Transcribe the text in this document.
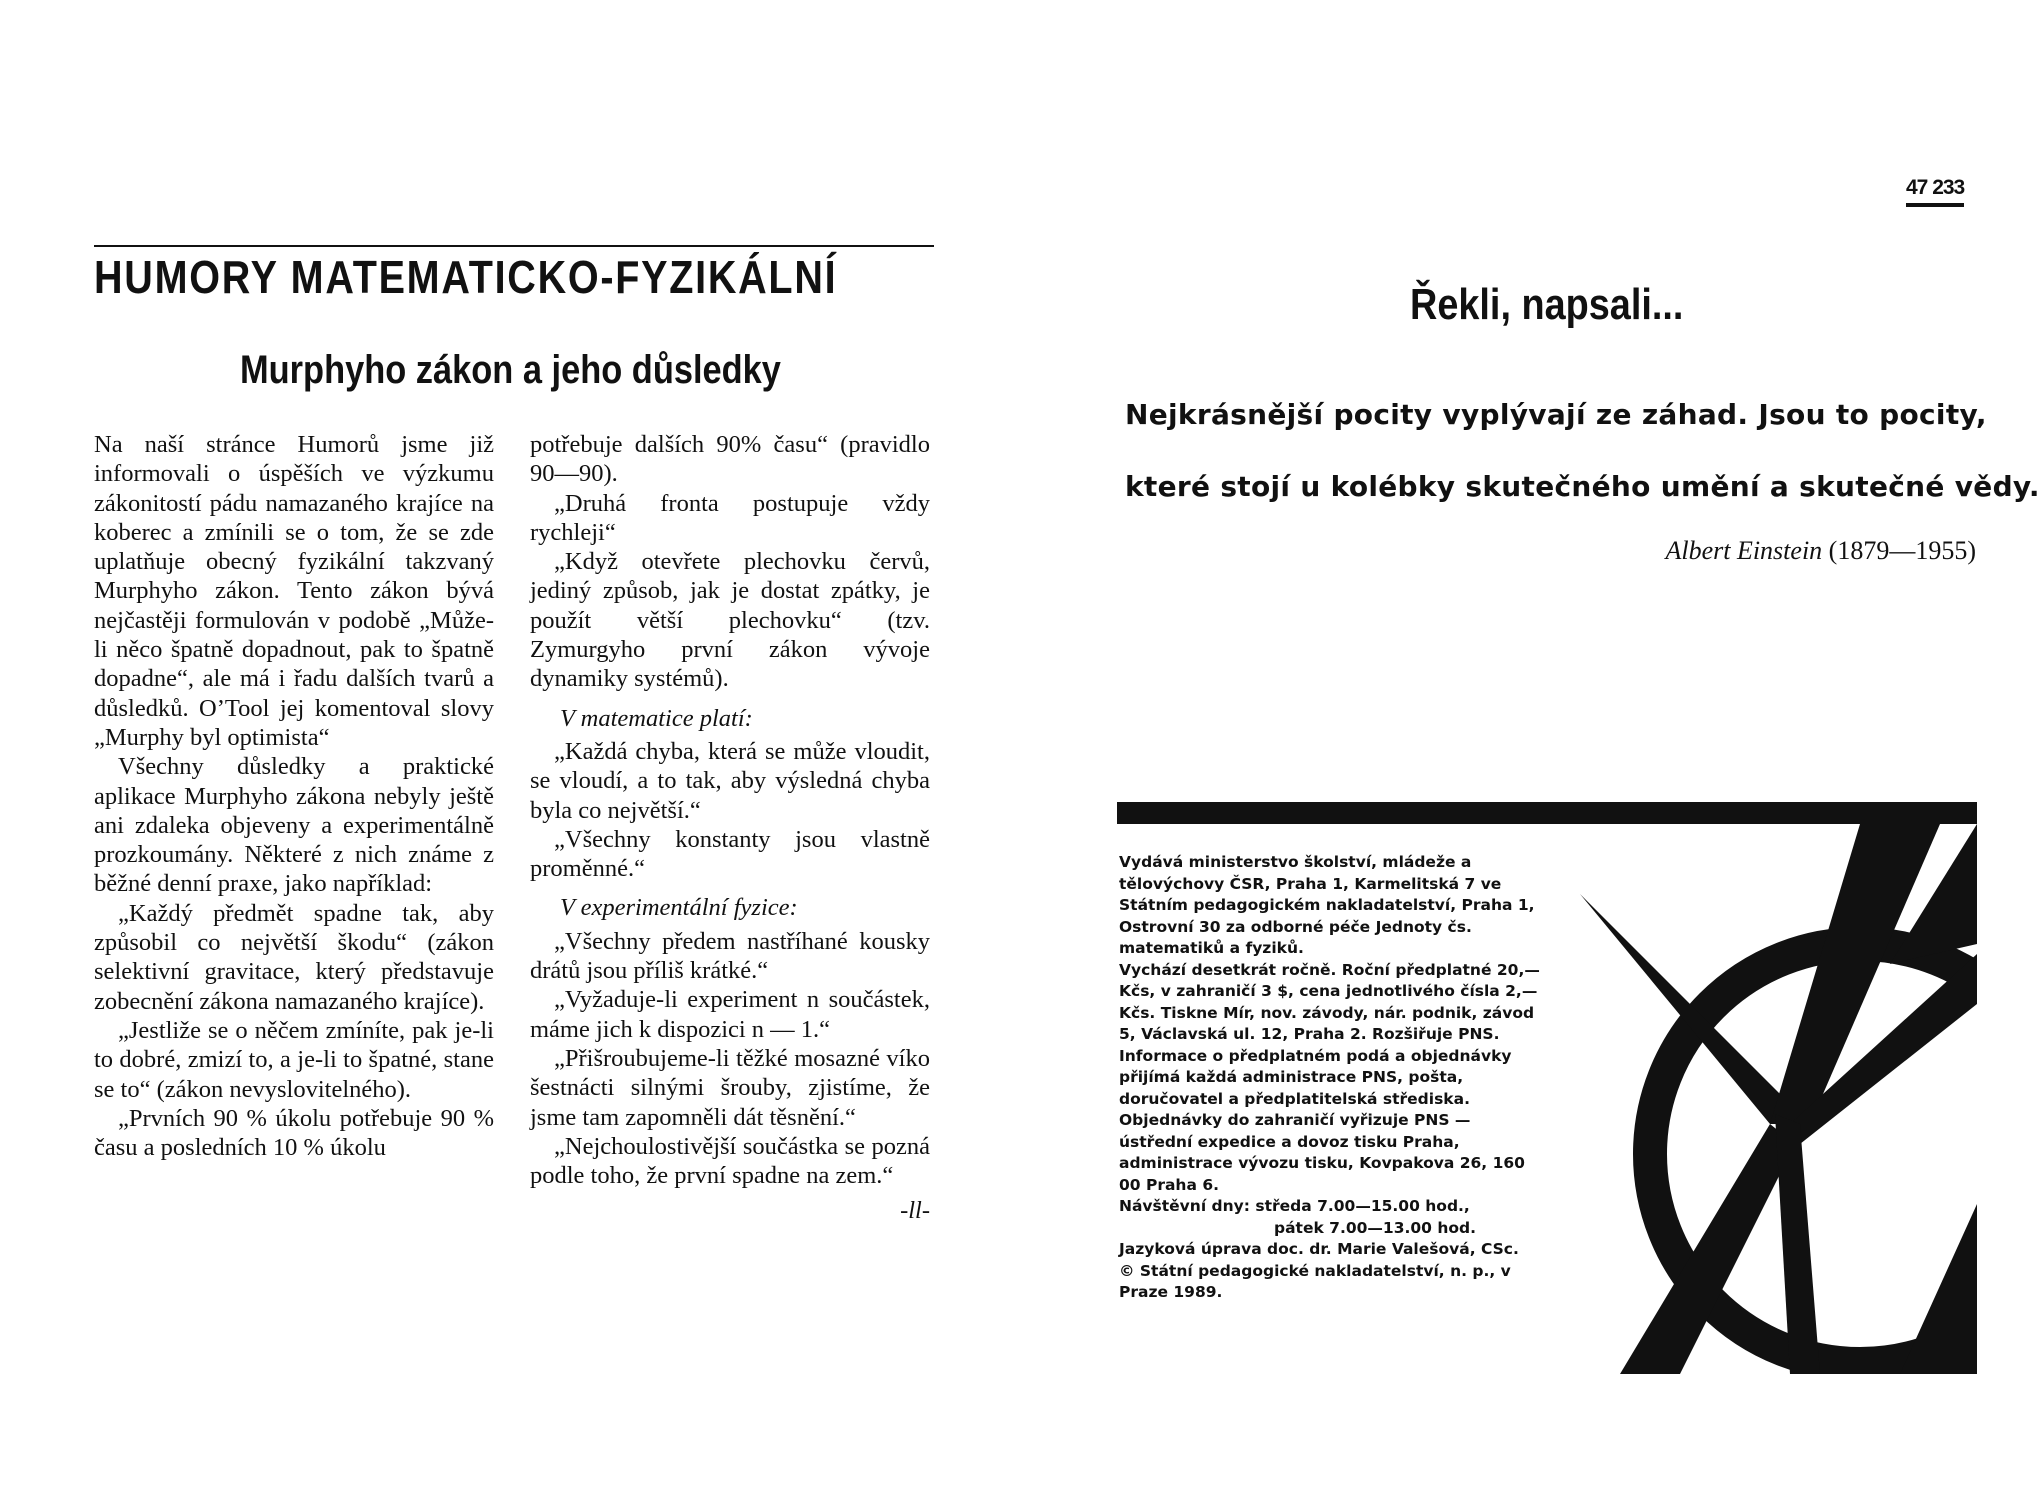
47 233
HUMORY MATEMATICKO-FYZIKÁLNÍ
Murphyho zákon a jeho důsledky

Na naší stránce Humorů jsme již informovali o úspěších ve výzkumu zákonitostí pádu namazaného krajíce na koberec a zmínili se o tom, že se zde uplatňuje obecný fyzikální takzvaný Murphyho zákon. Tento zákon bývá nejčastěji formulován v podobě „Může-li něco špatně dopadnout, pak to špatně dopadne“, ale má i řadu dalších tvarů a důsledků. O’Tool jej komentoval slovy „Murphy byl optimista“

Všechny důsledky a praktické aplikace Murphyho zákona nebyly ještě ani zdaleka objeveny a experimentálně prozkoumány. Některé z nich známe z běžné denní praxe, jako například:

„Každý předmět spadne tak, aby způsobil co největší škodu“ (zákon selektivní gravitace, který představuje zobecnění zákona namazaného krajíce).

„Jestliže se o něčem zmíníte, pak je-li to dobré, zmizí to, a je-li to špatné, stane se to“ (zákon nevyslovitelného).

„Prvních 90 % úkolu potřebuje 90 % času a posledních 10 % úkolu

potřebuje dalších 90% času“ (pravidlo 90—90).

„Druhá fronta postupuje vždy rychleji“

„Když otevřete plechovku červů, jediný způsob, jak je dostat zpátky, je použít větší plechovku“ (tzv. Zymurgyho první zákon vývoje dynamiky systémů).

V matematice platí:

„Každá chyba, která se může vloudit, se vloudí, a to tak, aby výsledná chyba byla co největší.“

„Všechny konstanty jsou vlastně proměnné.“

V experimentální fyzice:

„Všechny předem nastříhané kousky drátů jsou příliš krátké.“

„Vyžaduje-li experiment n součástek, máme jich k dispozici n — 1.“

„Přišroubujeme-li těžké mosazné víko šestnácti silnými šrouby, zjistíme, že jsme tam zapomněli dát těsnění.“

„Nejchoulostivější součástka se pozná podle toho, že první spadne na zem.“

-ll-

Řekli, napsali...
Nejkrásnější pocity vyplývají ze záhad. Jsou to pocity,
které stojí u kolébky skutečného umění a skutečné vědy.
Albert Einstein (1879—1955)

Vydává ministerstvo školství, mládeže a tělovýchovy ČSR, Praha 1, Karmelitská 7 ve Státním pedagogickém nakladatelství, Praha 1, Ostrovní 30 za odborné péče Jednoty čs. matematiků a fyziků.

Vychází desetkrát ročně. Roční předplatné 20,— Kčs, v zahraničí 3 $, cena jednotlivého čísla 2,— Kčs. Tiskne Mír, nov. závody, nár. podnik, závod 5, Václavská ul. 12, Praha 2. Rozšiřuje PNS. Informace o předplatném podá a objednávky přijímá každá administrace PNS, pošta, doručovatel a předplatitelská střediska. Objednávky do zahraničí vyřizuje PNS — ústřední expedice a dovoz tisku Praha, administrace vývozu tisku, Kovpakova 26, 160 00 Praha 6.

Návštěvní dny: středa 7.00—15.00 hod.,

pátek 7.00—13.00 hod.

Jazyková úprava doc. dr. Marie Valešová, CSc.

© Státní pedagogické nakladatelství, n. p., v Praze 1989.
